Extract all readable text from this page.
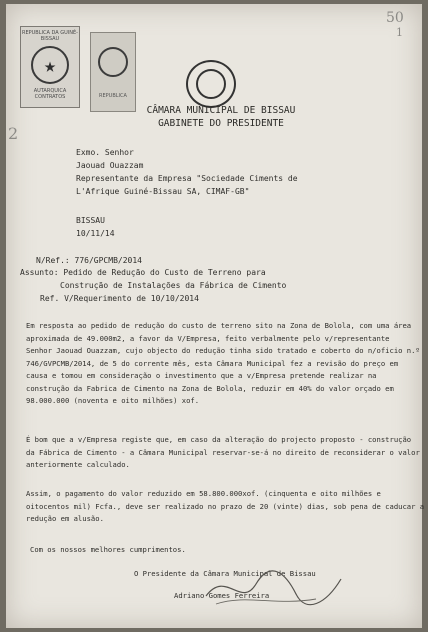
REPUBLICA DA GUINÉ-BISSAU
★
AUTARQUICA CONTRATOS	REPUBLICA
CÂMARA MUNICIPAL DE BISSAU
GABINETE DO PRESIDENTE
50
1
2
Exmo. Senhor
Jaouad Ouazzam
Representante da Empresa "Sociedade Ciments de
L'Afrique Guiné-Bissau SA, CIMAF-GB"
BISSAU
10/11/14
N/Ref.: 776/GPCMB/2014
Assunto: Pedido de Redução do Custo de Terreno para
Construção de Instalações da Fábrica de Cimento
Ref. V/Requerimento de 10/10/2014
Em resposta ao pedido de redução do custo de terreno sito na Zona de Bolola, com uma área
aproximada de 49.000m2, a favor da V/Empresa, feito verbalmente pelo v/representante
Senhor Jaouad Ouazzam, cujo objecto do redução tinha sido tratado e coberto do n/oficio n.º
746/GVPCMB/2014, de 5 do corrente mês, esta Câmara Municipal fez a revisão do preço em
causa e tomou em consideração o investimento que a v/Empresa pretende realizar na
construção da Fabrica de Cimento na Zona de Bolola, reduzir em 40% do valor orçado em
98.000.000 (noventa e oito milhões) xof.
É bom que a v/Empresa registe que, em caso da alteração do projecto proposto - construção
da Fábrica de Cimento - a Câmara Municipal reservar-se-á no direito de reconsiderar o valor
anteriormente calculado.
Assim, o pagamento do valor reduzido em 58.800.000xof. (cinquenta e oito milhões e
oitocentos mil) Fcfa., deve ser realizado no prazo de 20 (vinte) dias, sob pena de caducar a
redução em alusão.
Com os nossos melhores cumprimentos.
O Presidente da Câmara Municipal de Bissau
Adriano Gomes Ferreira
